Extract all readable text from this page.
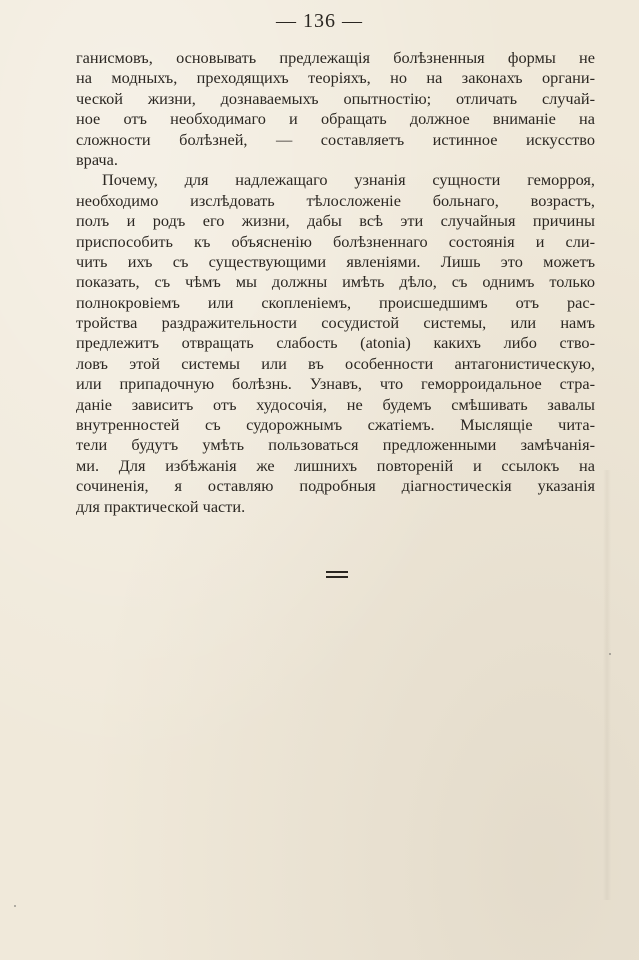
— 136 —
ганисмовъ, основывать предлежащія болѣзненныя формы не
на модныхъ, преходящихъ теоріяхъ, но на законахъ органи-
ческой жизни, дознаваемыхъ опытностію; отличать случай-
ное отъ необходимаго и обращать должное вниманіе на
сложности болѣзней, — составляетъ истинное искусство
врача.
Почему, для надлежащаго узнанія сущности геморроя,
необходимо изслѣдовать тѣлосложеніе больнаго, возрастъ,
полъ и родъ его жизни, дабы всѣ эти случайныя причины
приспособить къ объясненію болѣзненнаго состоянія и сли-
чить ихъ съ существующими явленіями. Лишь это можетъ
показать, съ чѣмъ мы должны имѣть дѣло, съ однимъ только
полнокровіемъ или скопленіемъ, происшедшимъ отъ рас-
тройства раздражительности сосудистой системы, или намъ
предлежитъ отвращать слабость (atonia) какихъ либо ство-
ловъ этой системы или въ особенности антагонистическую,
или припадочную болѣзнь. Узнавъ, что геморроидальное стра-
даніе зависитъ отъ худосочія, не будемъ смѣшивать завалы
внутренностей съ судорожнымъ сжатіемъ. Мыслящіе чита-
тели будутъ умѣть пользоваться предложенными замѣчанія-
ми. Для избѣжанія же лишнихъ повтореній и ссылокъ на
сочиненія, я оставляю подробныя діагностическія указанія
для практической части.
